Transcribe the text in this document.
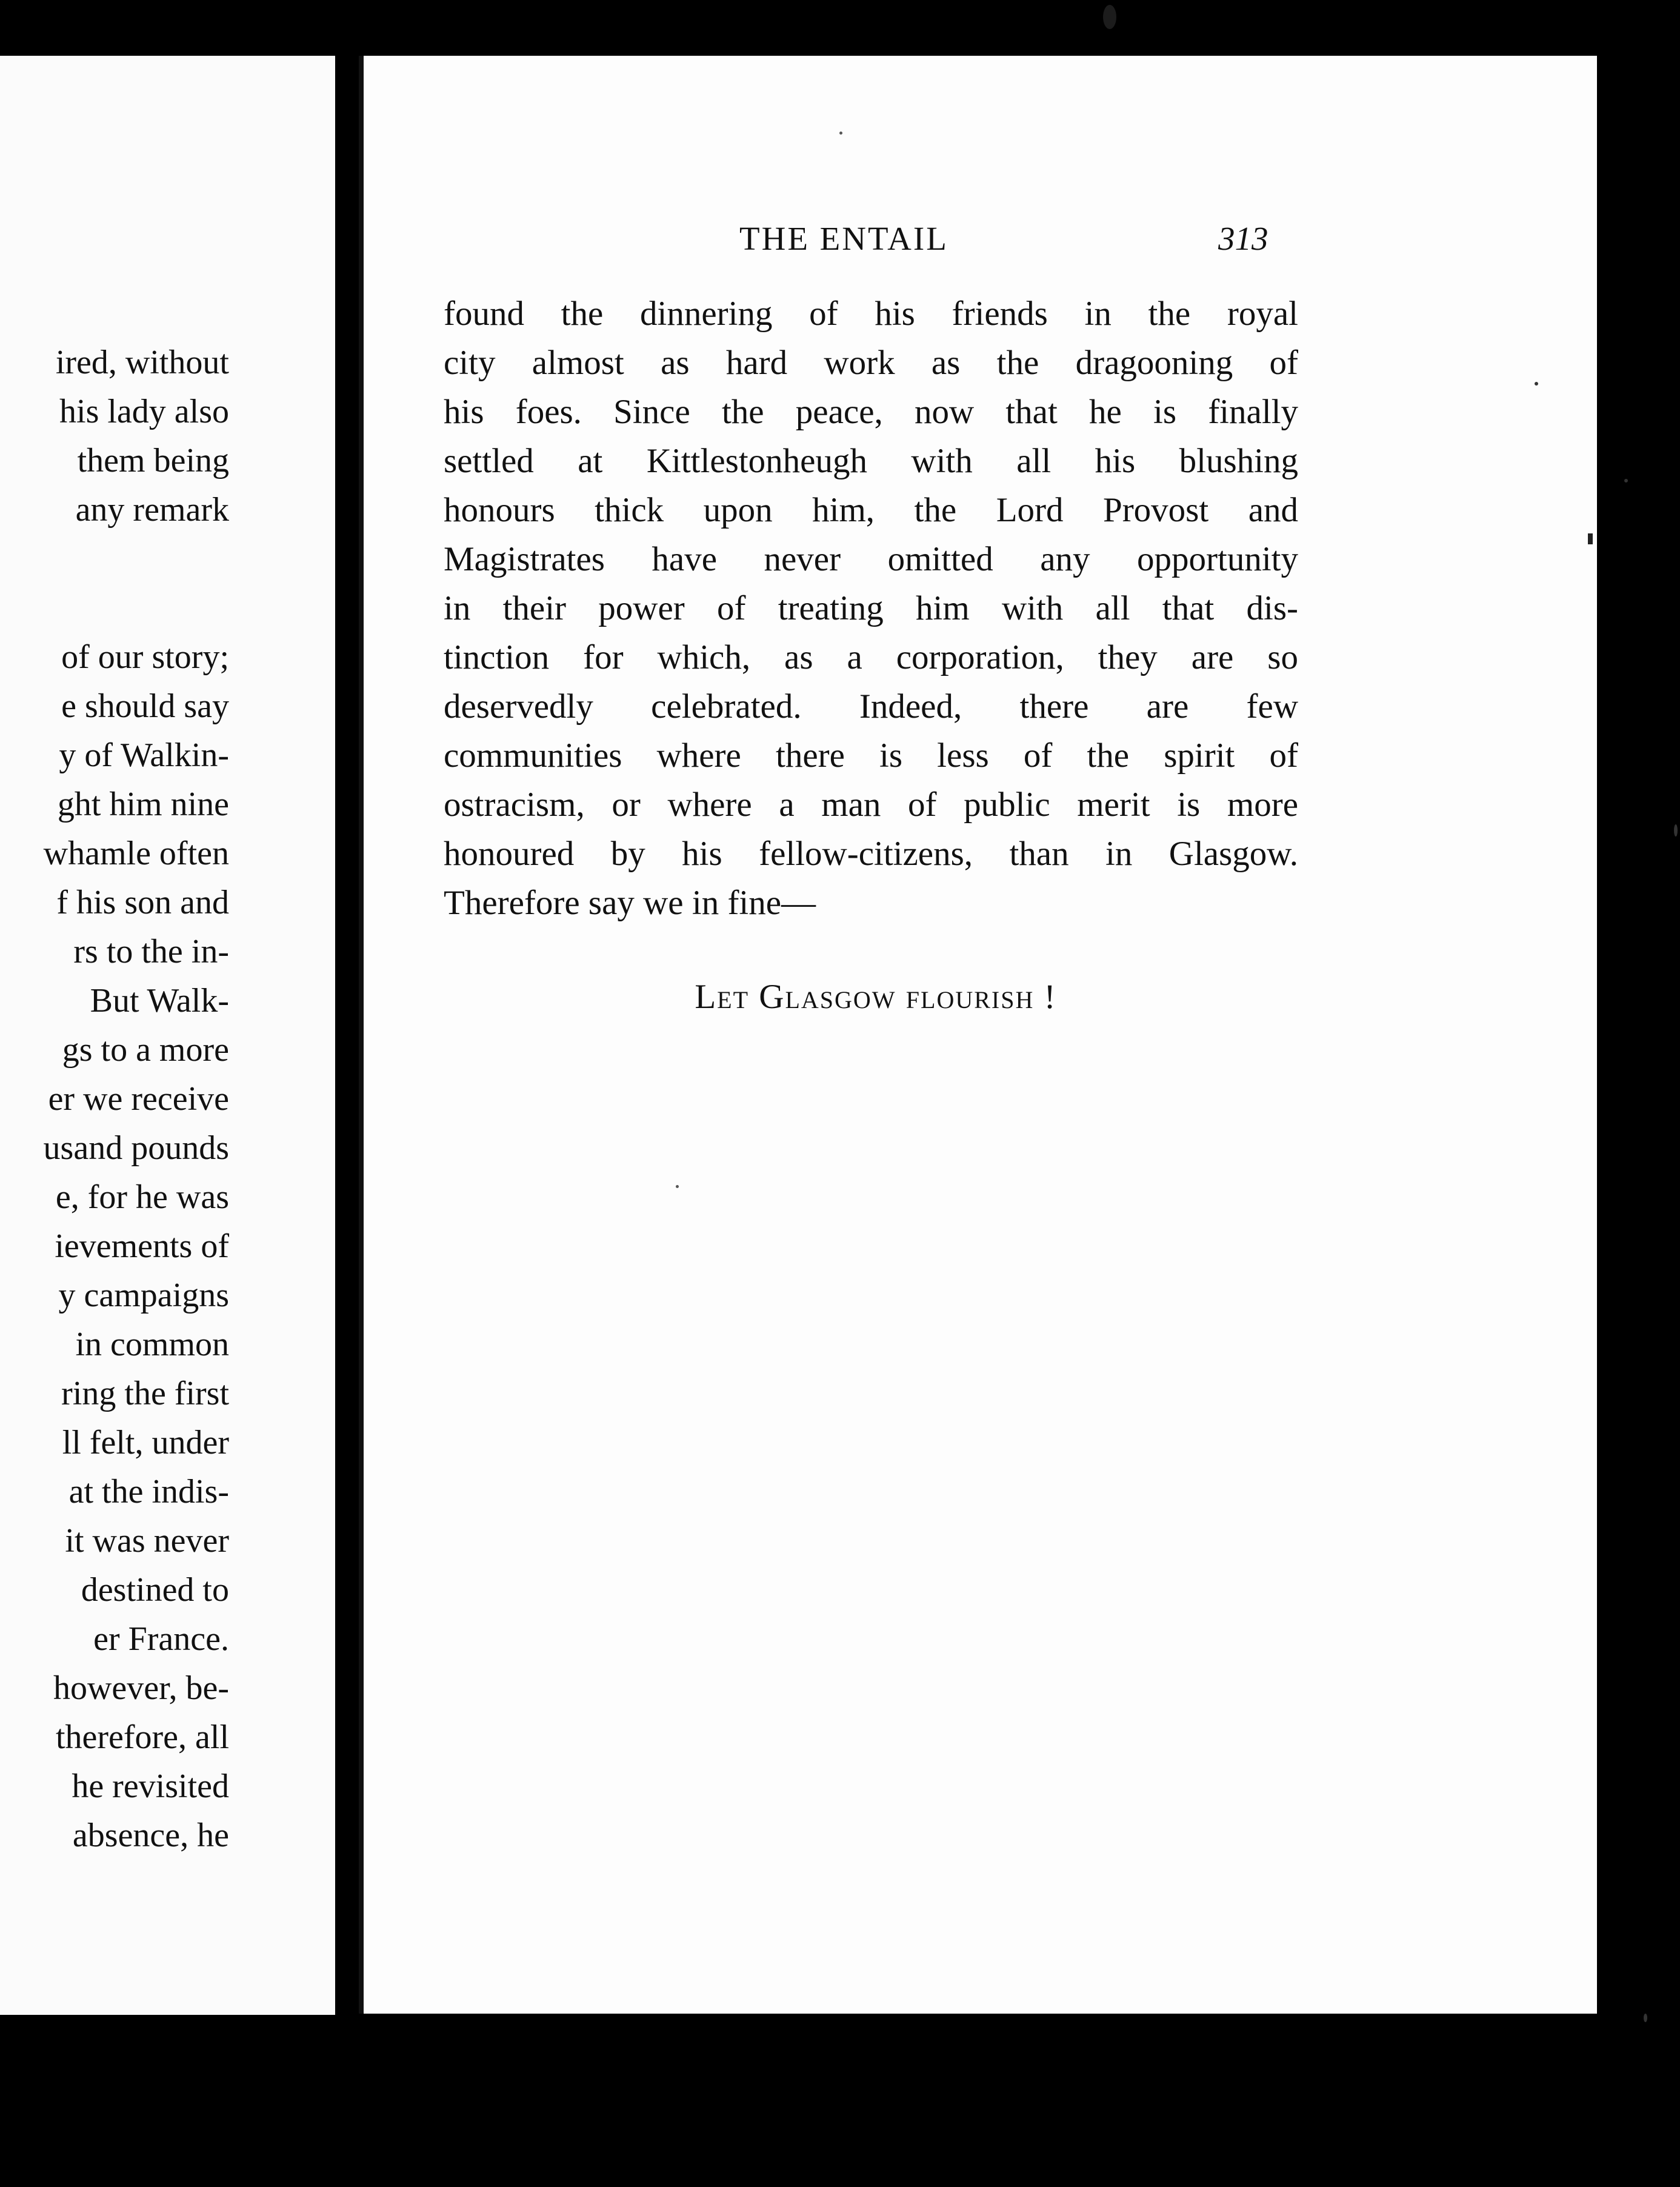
ired, without
his lady also
them being
any remark
of our story;
e should say
y of Walkin-
ght him nine
whamle often
f his son and
rs to the in-
But Walk-
gs to a more
er we receive
usand pounds
e, for he was
ievements of
y campaigns
in common
ring the first
ll felt, under
at the indis-
it was never
destined to
er France.
however, be-
therefore, all
he revisited
absence, he
THE ENTAIL	313
found the dinnering of his friends in the royal
city almost as hard work as the dragooning of
his foes. Since the peace, now that he is finally
settled at Kittlestonheugh with all his blushing
honours thick upon him, the Lord Provost and
Magistrates have never omitted any opportunity
in their power of treating him with all that dis-
tinction for which, as a corporation, they are so
deservedly celebrated. Indeed, there are few
communities where there is less of the spirit of
ostracism, or where a man of public merit is more
honoured by his fellow-citizens, than in Glasgow.
Therefore say we in fine—
Let Glasgow flourish !
